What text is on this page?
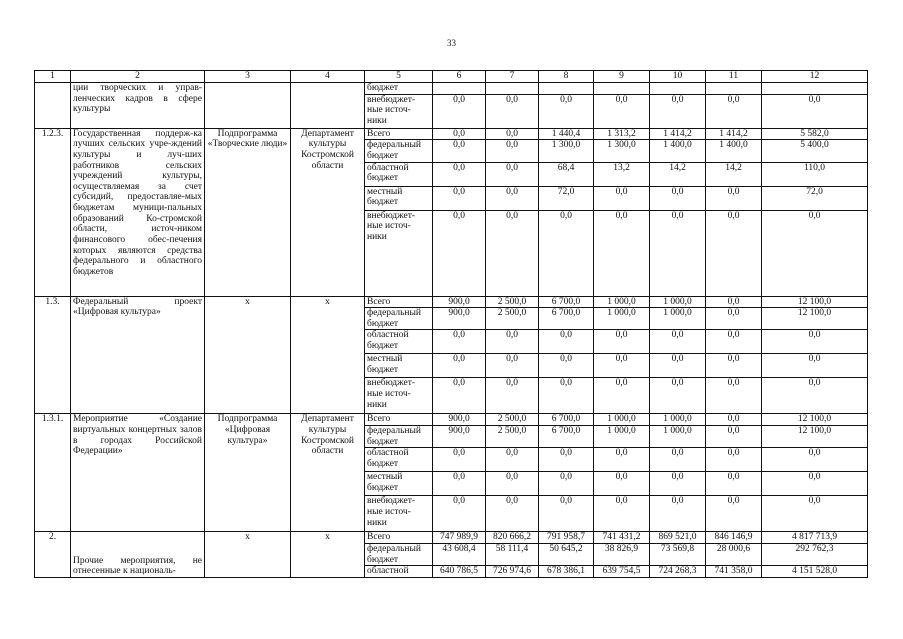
33
1	2	3	4	5	6	7	8	9	10	11	12
	ции творческих и управ-ленческих кадров в сфере культуры			бюджет							
				внебюджет-ные источ-ники	0,0	0,0	0,0	0,0	0,0	0,0	0,0
1.2.3.	Государственная поддерж-ка лучших сельских учре-ждений культуры и луч-ших работников сельских учреждений культуры, осуществляемая за счет субсидий, предоставляе-мых бюджетам муници-пальных образований Ко-стромской области, источ-ником финансового обес-печения которых являются средства федерального и областного бюджетов	Подпрограмма «Творческие люди»	Департамент культуры Костромской области	Всего	0,0	0,0	1 440,4	1 313,2	1 414,2	1 414,2	5 582,0
				федеральный бюджет	0,0	0,0	1 300,0	1 300,0	1 400,0	1 400,0	5 400,0
				областной бюджет	0,0	0,0	68,4	13,2	14,2	14,2	110,0
				местный бюджет	0,0	0,0	72,0	0,0	0,0	0,0	72,0
				внебюджет-ные источ-ники	0,0	0,0	0,0	0,0	0,0	0,0	0,0
1.3.	Федеральный проект «Цифровая культура»	х	х	Всего	900,0	2 500,0	6 700,0	1 000,0	1 000,0	0,0	12 100,0
				федеральный бюджет	900,0	2 500,0	6 700,0	1 000,0	1 000,0	0,0	12 100,0
				областной бюджет	0,0	0,0	0,0	0,0	0,0	0,0	0,0
				местный бюджет	0,0	0,0	0,0	0,0	0,0	0,0	0,0
				внебюджет-ные источ-ники	0,0	0,0	0,0	0,0	0,0	0,0	0,0
1.3.1.	Мероприятие «Создание виртуальных концертных залов в городах Российской Федерации»	Подпрограмма «Цифровая культура»	Департамент культуры Костромской области	Всего	900,0	2 500,0	6 700,0	1 000,0	1 000,0	0,0	12 100,0
				федеральный бюджет	900,0	2 500,0	6 700,0	1 000,0	1 000,0	0,0	12 100,0
				областной бюджет	0,0	0,0	0,0	0,0	0,0	0,0	0,0
				местный бюджет	0,0	0,0	0,0	0,0	0,0	0,0	0,0
				внебюджет-ные источ-ники	0,0	0,0	0,0	0,0	0,0	0,0	0,0
2.	Прочие мероприятия, не отнесенные к националь-	х	х	Всего	747 989,9	820 666,2	791 958,7	741 431,2	869 521,0	846 146,9	4 817 713,9
				федеральный бюджет	43 608,4	58 111,4	50 645,2	38 826,9	73 569,8	28 000,6	292 762,3
				областной	640 786,5	726 974,6	678 386,1	639 754,5	724 268,3	741 358,0	4 151 528,0
